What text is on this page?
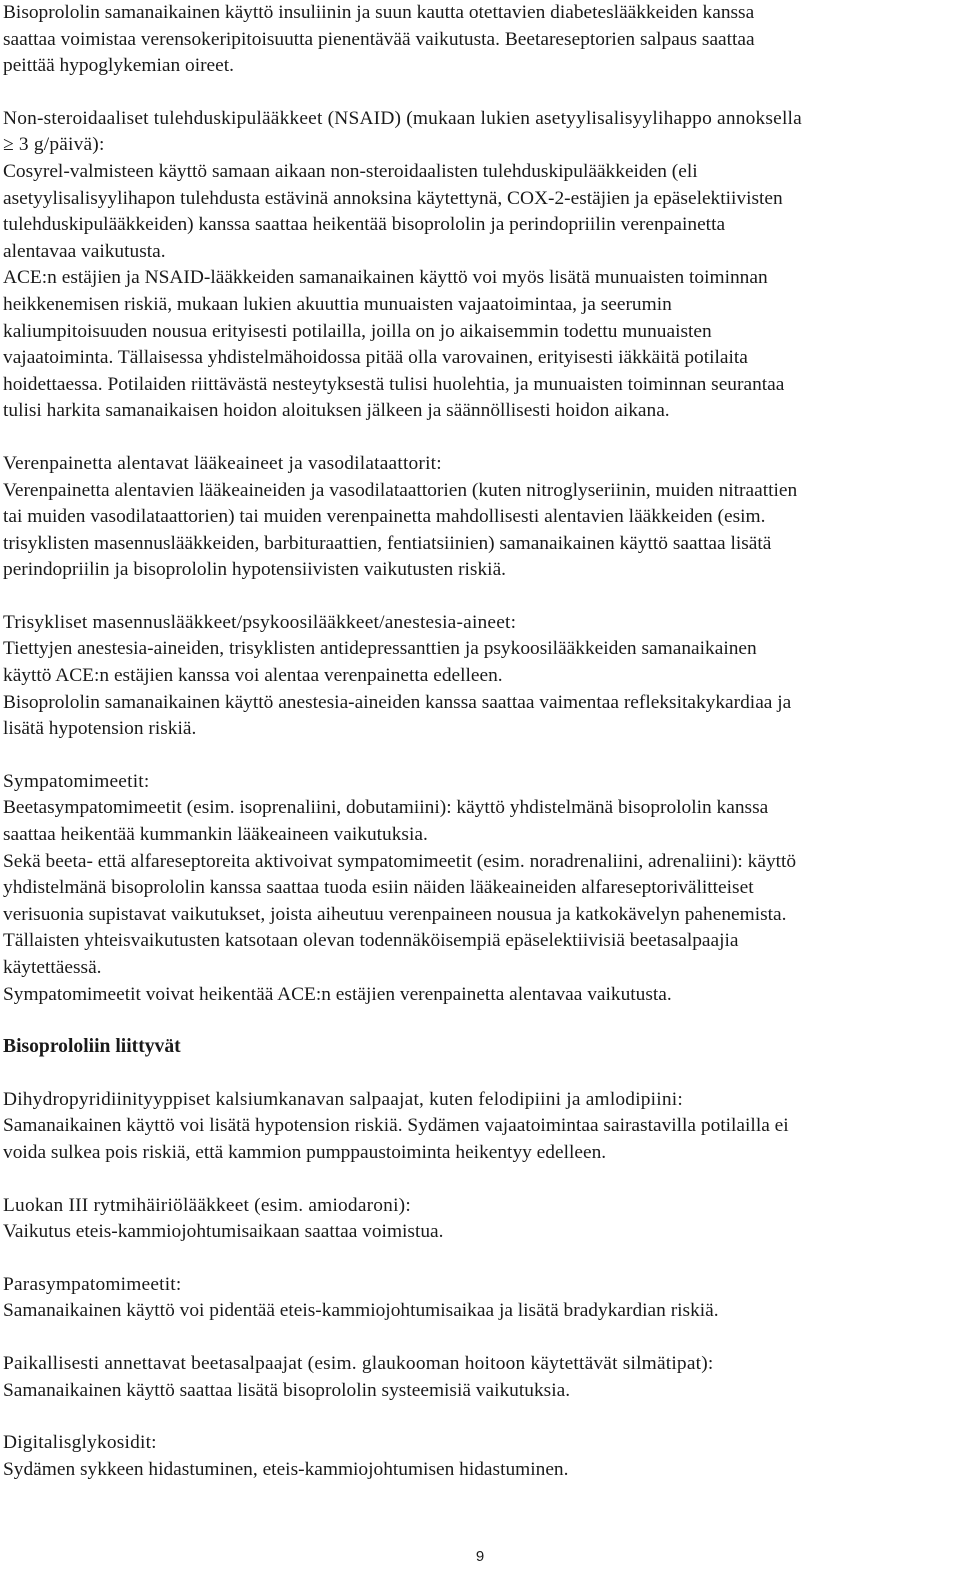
Bisoprololin samanaikainen käyttö insuliinin ja suun kautta otettavien diabeteslääkkeiden kanssa

saattaa voimistaa verensokeripitoisuutta pienentävää vaikutusta. Beetareseptorien salpaus saattaa

peittää hypoglykemian oireet.

Non-steroidaaliset tulehduskipulääkkeet (NSAID) (mukaan lukien asetyylisalisyylihappo annoksella

≥ 3 g/päivä):

Cosyrel-valmisteen käyttö samaan aikaan non-steroidaalisten tulehduskipulääkkeiden (eli

asetyylisalisyylihapon tulehdusta estävinä annoksina käytettynä, COX-2-estäjien ja epäselektiivisten

tulehduskipulääkkeiden) kanssa saattaa heikentää bisoprololin ja perindopriilin verenpainetta

alentavaa vaikutusta.

ACE:n estäjien ja NSAID-lääkkeiden samanaikainen käyttö voi myös lisätä munuaisten toiminnan

heikkenemisen riskiä, mukaan lukien akuuttia munuaisten vajaatoimintaa, ja seerumin

kaliumpitoisuuden nousua erityisesti potilailla, joilla on jo aikaisemmin todettu munuaisten

vajaatoiminta. Tällaisessa yhdistelmähoidossa pitää olla varovainen, erityisesti iäkkäitä potilaita

hoidettaessa. Potilaiden riittävästä nesteytyksestä tulisi huolehtia, ja munuaisten toiminnan seurantaa

tulisi harkita samanaikaisen hoidon aloituksen jälkeen ja säännöllisesti hoidon aikana.

Verenpainetta alentavat lääkeaineet ja vasodilataattorit:

Verenpainetta alentavien lääkeaineiden ja vasodilataattorien (kuten nitroglyseriinin, muiden nitraattien

tai muiden vasodilataattorien) tai muiden verenpainetta mahdollisesti alentavien lääkkeiden (esim.

trisyklisten masennuslääkkeiden, barbituraattien, fentiatsiinien) samanaikainen käyttö saattaa lisätä

perindopriilin ja bisoprololin hypotensiivisten vaikutusten riskiä.

Trisykliset masennuslääkkeet/psykoosilääkkeet/anestesia-aineet:

Tiettyjen anestesia-aineiden, trisyklisten antidepressanttien ja psykoosilääkkeiden samanaikainen

käyttö ACE:n estäjien kanssa voi alentaa verenpainetta edelleen.

Bisoprololin samanaikainen käyttö anestesia-aineiden kanssa saattaa vaimentaa refleksitakykardiaa ja

lisätä hypotension riskiä.

Sympatomimeetit:

Beetasympatomimeetit (esim. isoprenaliini, dobutamiini): käyttö yhdistelmänä bisoprololin kanssa

saattaa heikentää kummankin lääkeaineen vaikutuksia.

Sekä beeta- että alfareseptoreita aktivoivat sympatomimeetit (esim. noradrenaliini, adrenaliini): käyttö

yhdistelmänä bisoprololin kanssa saattaa tuoda esiin näiden lääkeaineiden alfareseptorivälitteiset

verisuonia supistavat vaikutukset, joista aiheutuu verenpaineen nousua ja katkokävelyn pahenemista.

Tällaisten yhteisvaikutusten katsotaan olevan todennäköisempiä epäselektiivisiä beetasalpaajia

käytettäessä.

Sympatomimeetit voivat heikentää ACE:n estäjien verenpainetta alentavaa vaikutusta.

Bisoprololiin liittyvät

Dihydropyridiinityyppiset kalsiumkanavan salpaajat, kuten felodipiini ja amlodipiini:

Samanaikainen käyttö voi lisätä hypotension riskiä. Sydämen vajaatoimintaa sairastavilla potilailla ei

voida sulkea pois riskiä, että kammion pumppaustoiminta heikentyy edelleen.

Luokan III rytmihäiriölääkkeet (esim. amiodaroni):

Vaikutus eteis-kammiojohtumisaikaan saattaa voimistua.

Parasympatomimeetit:

Samanaikainen käyttö voi pidentää eteis-kammiojohtumisaikaa ja lisätä bradykardian riskiä.

Paikallisesti annettavat beetasalpaajat (esim. glaukooman hoitoon käytettävät silmätipat):

Samanaikainen käyttö saattaa lisätä bisoprololin systeemisiä vaikutuksia.

Digitalisglykosidit:

Sydämen sykkeen hidastuminen, eteis-kammiojohtumisen hidastuminen.

9
